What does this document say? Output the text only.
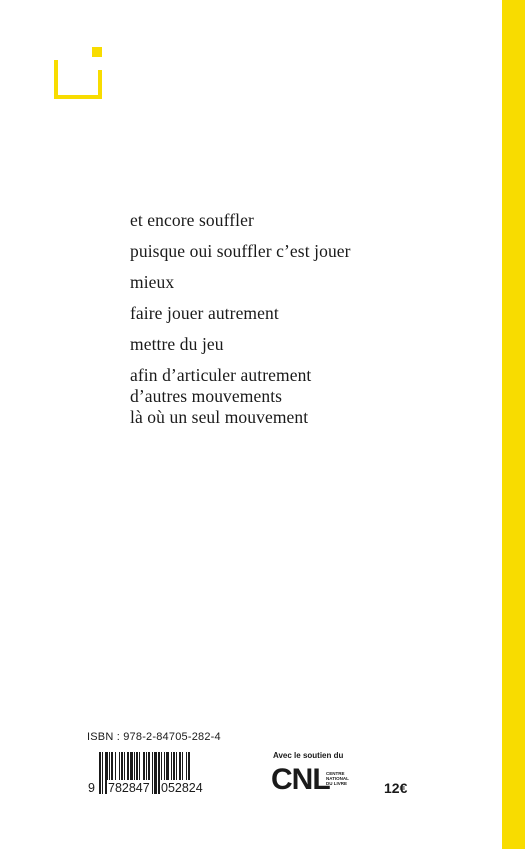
et encore souffler
puisque oui souffler c’est jouer
mieux
faire jouer autrement
mettre du jeu
afin d’articuler autrement
d’autres mouvements
là où un seul mouvement
ISBN : 978-2-84705-282-4
9 782847 052824
Avec le soutien du
CNL
CENTRE
NATIONAL
DU LIVRE	12€
